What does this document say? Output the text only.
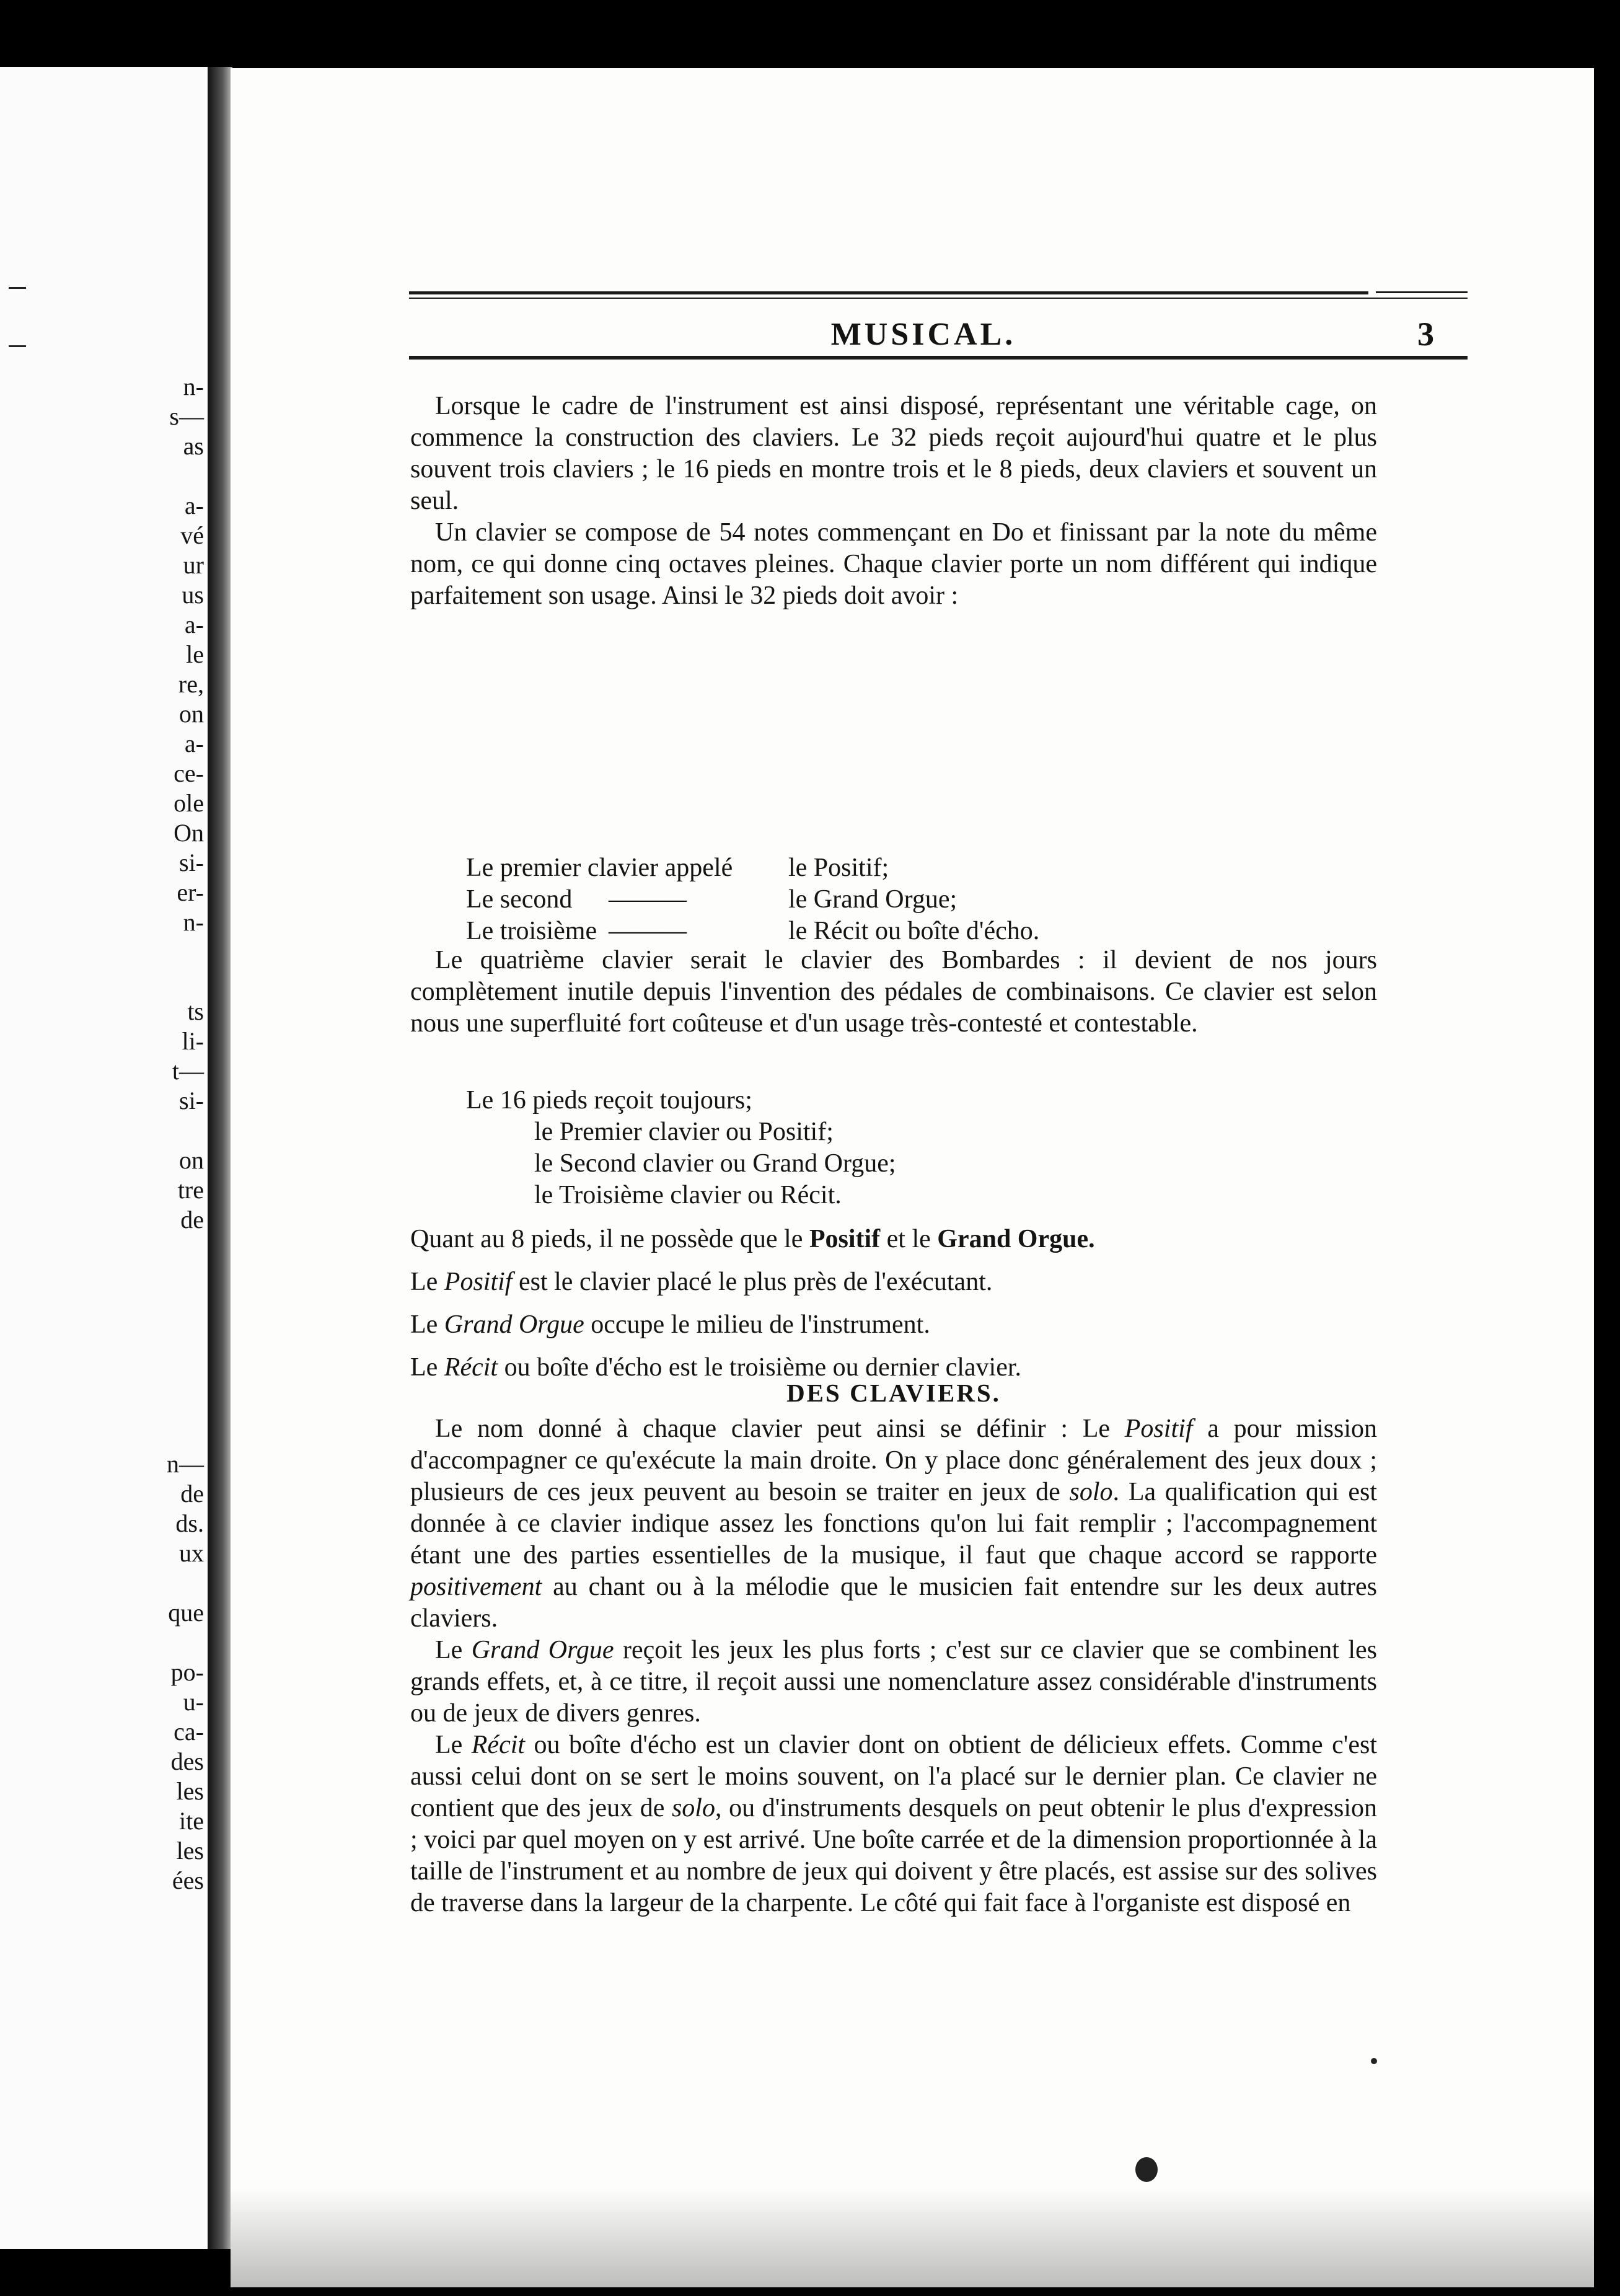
n-
s—
as

a-
vé
ur
us
a-
le
re,
on
a-
ce-
ole
On
si-
er-
n-

ts
li-
t—
si-

on
tre
de
n—
de
ds.
ux

que

po-
u-
ca-
des
les
ite
les
ées
MUSICAL.	3

Lorsque le cadre de l'instrument est ainsi disposé, représentant une véritable cage, on commence la construction des claviers. Le 32 pieds reçoit aujourd'hui quatre et le plus souvent trois claviers ; le 16 pieds en montre trois et le 8 pieds, deux claviers et souvent un seul.

Un clavier se compose de 54 notes commençant en Do et finissant par la note du même nom, ce qui donne cinq octaves pleines. Chaque clavier porte un nom différent qui indique parfaitement son usage. Ainsi le 32 pieds doit avoir :

Le premier clavier appelé le Positif;
Le second ———	le Grand Orgue;
Le troisième ———	le Récit ou boîte d'écho.

Le quatrième clavier serait le clavier des Bombardes : il devient de nos jours complètement inutile depuis l'invention des pédales de combinaisons. Ce clavier est selon nous une superfluité fort coûteuse et d'un usage très-contesté et contestable.

Le 16 pieds reçoit toujours;
le Premier clavier ou Positif;
le Second clavier ou Grand Orgue;
le Troisième clavier ou Récit.

Quant au 8 pieds, il ne possède que le Positif et le Grand Orgue.

Le Positif est le clavier placé le plus près de l'exécutant.

Le Grand Orgue occupe le milieu de l'instrument.

Le Récit ou boîte d'écho est le troisième ou dernier clavier.

DES CLAVIERS.

Le nom donné à chaque clavier peut ainsi se définir : Le Positif a pour mission d'accompagner ce qu'exécute la main droite. On y place donc généralement des jeux doux ; plusieurs de ces jeux peuvent au besoin se traiter en jeux de solo. La qualification qui est donnée à ce clavier indique assez les fonctions qu'on lui fait remplir ; l'accompagnement étant une des parties essentielles de la musique, il faut que chaque accord se rapporte positivement au chant ou à la mélodie que le musicien fait entendre sur les deux autres claviers.

Le Grand Orgue reçoit les jeux les plus forts ; c'est sur ce clavier que se combinent les grands effets, et, à ce titre, il reçoit aussi une nomenclature assez considérable d'instruments ou de jeux de divers genres.

Le Récit ou boîte d'écho est un clavier dont on obtient de délicieux effets. Comme c'est aussi celui dont on se sert le moins souvent, on l'a placé sur le dernier plan. Ce clavier ne contient que des jeux de solo, ou d'instruments desquels on peut obtenir le plus d'expression ; voici par quel moyen on y est arrivé. Une boîte carrée et de la dimension proportionnée à la taille de l'instrument et au nombre de jeux qui doivent y être placés, est assise sur des solives de traverse dans la largeur de la charpente. Le côté qui fait face à l'organiste est disposé en
